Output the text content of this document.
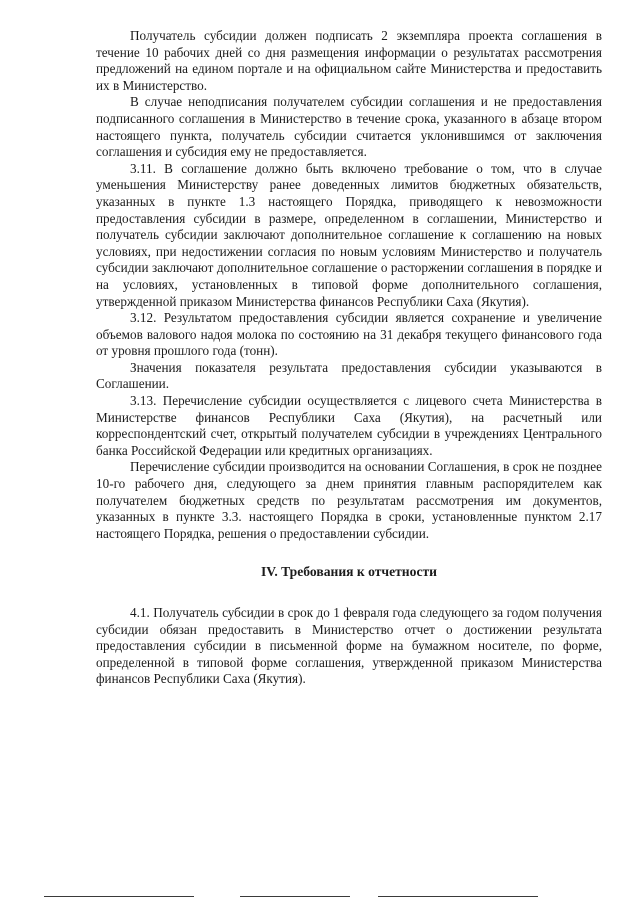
Получатель субсидии должен подписать 2 экземпляра проекта соглашения в течение 10 рабочих дней со дня размещения информации о результатах рассмотрения предложений на едином портале и на официальном сайте Министерства и предоставить их в Министерство.

В случае неподписания получателем субсидии соглашения и не предоставления подписанного соглашения в Министерство в течение срока, указанного в абзаце втором настоящего пункта, получатель субсидии считается уклонившимся от заключения соглашения и субсидия ему не предоставляется.

3.11. В соглашение должно быть включено требование о том, что в случае уменьшения Министерству ранее доведенных лимитов бюджетных обязательств, указанных в пункте 1.3 настоящего Порядка, приводящего к невозможности предоставления субсидии в размере, определенном в соглашении, Министерство и получатель субсидии заключают дополнительное соглашение к соглашению на новых условиях, при недостижении согласия по новым условиям Министерство и получатель субсидии заключают дополнительное соглашение о расторжении соглашения в порядке и на условиях, установленных в типовой форме дополнительного соглашения, утвержденной приказом Министерства финансов Республики Саха (Якутия).

3.12. Результатом предоставления субсидии является сохранение и увеличение объемов валового надоя молока по состоянию на 31 декабря текущего финансового года от уровня прошлого года (тонн).

Значения показателя результата предоставления субсидии указываются в Соглашении.

3.13. Перечисление субсидии осуществляется с лицевого счета Министерства в Министерстве финансов Республики Саха (Якутия), на расчетный или корреспондентский счет, открытый получателем субсидии в учреждениях Центрального банка Российской Федерации или кредитных организациях.

Перечисление субсидии производится на основании Соглашения, в срок не позднее 10-го рабочего дня, следующего за днем принятия главным распорядителем как получателем бюджетных средств по результатам рассмотрения им документов, указанных в пункте 3.3. настоящего Порядка в сроки, установленные пунктом 2.17 настоящего Порядка, решения о предоставлении субсидии.

IV. Требования к отчетности

4.1. Получатель субсидии в срок до 1 февраля года следующего за годом получения субсидии обязан предоставить в Министерство отчет о достижении результата предоставления субсидии в письменной форме на бумажном носителе, по форме, определенной в типовой форме соглашения, утвержденной приказом Министерства финансов Республики Саха (Якутия).
